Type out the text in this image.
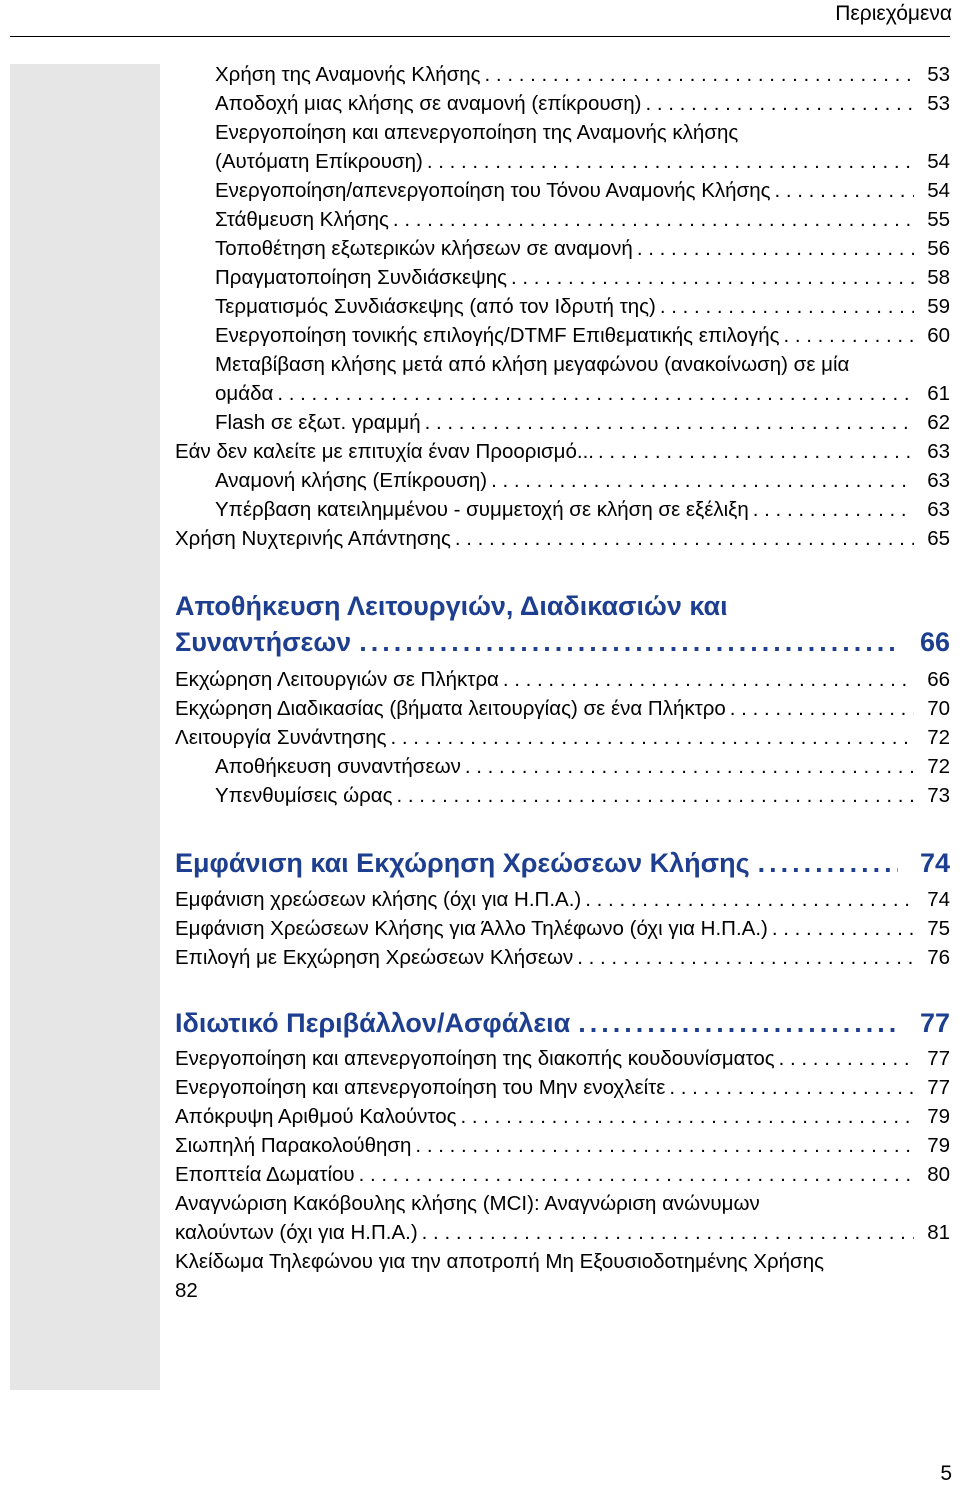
Περιεχόμενα
Χρήση της Αναμονής Κλήσης . . .	53
Αποδοχή μιας κλήσης σε αναμονή (επίκρουση) . . .	53
Ενεργοποίηση και απενεργοποίηση της Αναμονής κλήσης
(Αυτόματη Επίκρουση) . . .	54
Ενεργοποίηση/απενεργοποίηση του Τόνου Αναμονής Κλήσης . . .	54
Στάθμευση Κλήσης . . .	55
Τοποθέτηση εξωτερικών κλήσεων σε αναμονή . . .	56
Πραγματοποίηση Συνδιάσκεψης . . .	58
Τερματισμός Συνδιάσκεψης (από τον Ιδρυτή της) . . .	59
Ενεργοποίηση τονικής επιλογής/DTMF Επιθεματικής επιλογής . . .	60
Μεταβίβαση κλήσης μετά από κλήση μεγαφώνου (ανακοίνωση) σε μία
ομάδα . . .	61
Flash σε εξωτ. γραμμή . . .	62
Εάν δεν καλείτε με επιτυχία έναν Προορισμό... . . .	63
Αναμονή κλήσης (Επίκρουση) . . .	63
Υπέρβαση κατειλημμένου - συμμετοχή σε κλήση σε εξέλιξη . . .	63
Χρήση Νυχτερινής Απάντησης . . .	65
Αποθήκευση Λειτουργιών, Διαδικασιών και
Συναντήσεων .....	66
Εκχώρηση Λειτουργιών σε Πλήκτρα . . .	66
Εκχώρηση Διαδικασίας (βήματα λειτουργίας) σε ένα Πλήκτρο . . .	70
Λειτουργία Συνάντησης . . .	72
Αποθήκευση συναντήσεων . . .	72
Υπενθυμίσεις ώρας . . .	73
Εμφάνιση και Εκχώρηση Χρεώσεων Κλήσης .....	74
Εμφάνιση χρεώσεων κλήσης (όχι για Η.Π.Α.) . . .	74
Εμφάνιση Χρεώσεων Κλήσης για Άλλο Τηλέφωνο (όχι για Η.Π.Α.) . . .	75
Επιλογή με Εκχώρηση Χρεώσεων Κλήσεων . . .	76
Ιδιωτικό Περιβάλλον/Ασφάλεια .....	77
Ενεργοποίηση και απενεργοποίηση της διακοπής κουδουνίσματος . . .	77
Ενεργοποίηση και απενεργοποίηση του Μην ενοχλείτε . . .	77
Απόκρυψη Αριθμού Καλούντος . . .	79
Σιωπηλή Παρακολούθηση . . .	79
Εποπτεία Δωματίου . . .	80
Αναγνώριση Κακόβουλης κλήσης (MCI): Αναγνώριση ανώνυμων
καλούντων (όχι για Η.Π.Α.) . . .	81
Κλείδωμα Τηλεφώνου για την αποτροπή Μη Εξουσιοδοτημένης Χρήσης
82
5
